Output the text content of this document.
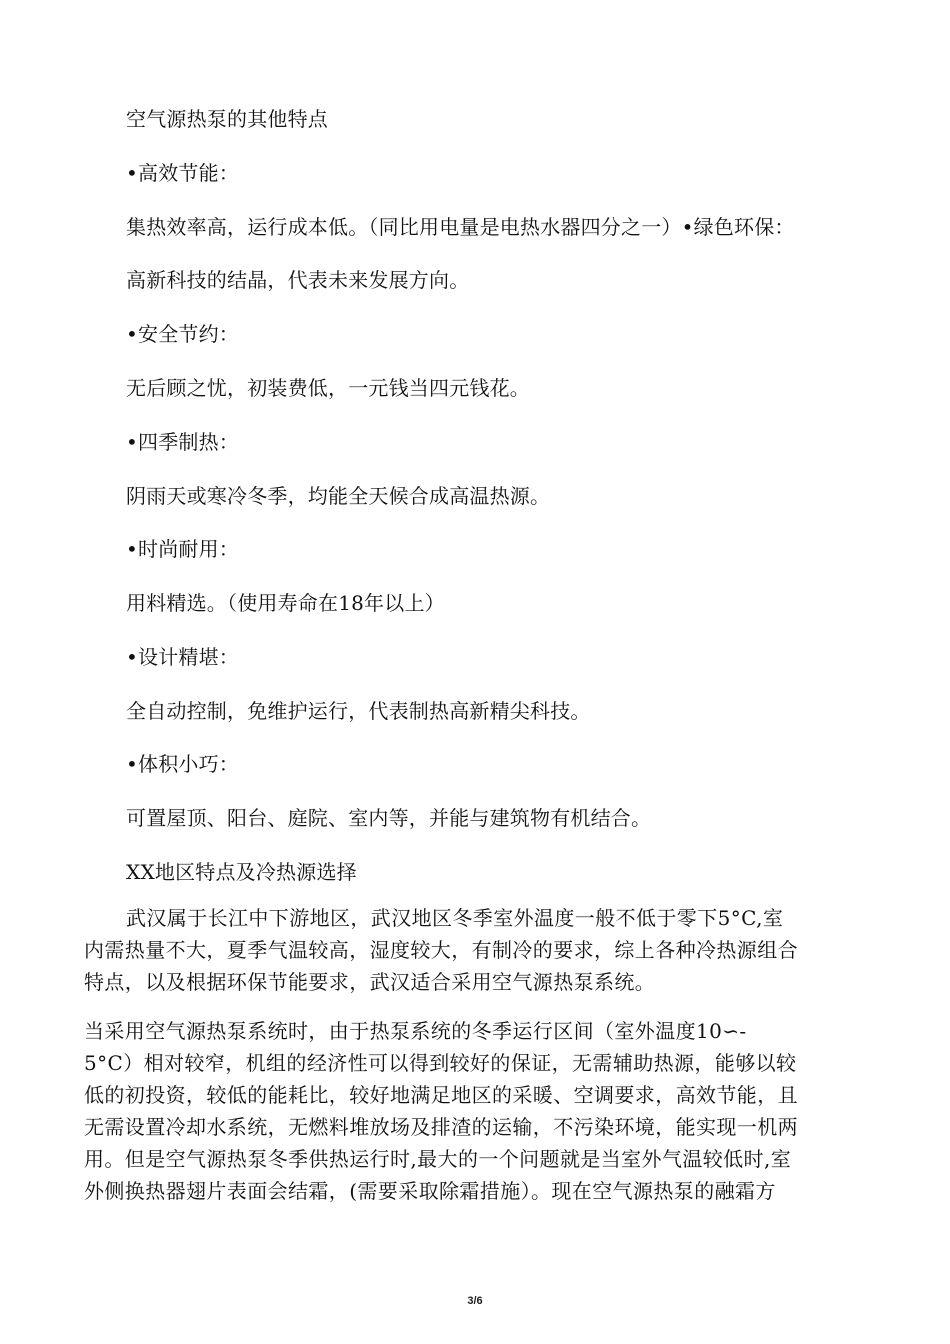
空气源热泵的其他特点
•高效节能：
集热效率高，运行成本低。（同比用电量是电热水器四分之一）•绿色环保：
高新科技的结晶，代表未来发展方向。
•安全节约：
无后顾之忧，初装费低，一元钱当四元钱花。
•四季制热：
阴雨天或寒冷冬季，均能全天候合成高温热源。
•时尚耐用：
用料精选。（使用寿命在18年以上）
•设计精堪：
全自动控制，免维护运行，代表制热高新精尖科技。
•体积小巧：
可置屋顶、阳台、庭院、室内等，并能与建筑物有机结合。
XX地区特点及冷热源选择
武汉属于长江中下游地区，武汉地区冬季室外温度一般不低于零下5°C,室
内需热量不大，夏季气温较高，湿度较大，有制冷的要求，综上各种冷热源组合
特点，以及根据环保节能要求，武汉适合采用空气源热泵系统。
当采用空气源热泵系统时，由于热泵系统的冬季运行区间（室外温度10∽-
5°C）相对较窄，机组的经济性可以得到较好的保证，无需辅助热源，能够以较
低的初投资，较低的能耗比，较好地满足地区的采暖、空调要求，高效节能，且
无需设置冷却水系统，无燃料堆放场及排渣的运输，不污染环境，能实现一机两
用。但是空气源热泵冬季供热运行时,最大的一个问题就是当室外气温较低时,室
外侧换热器翅片表面会结霜，(需要采取除霜措施）。现在空气源热泵的融霜方
3/6
